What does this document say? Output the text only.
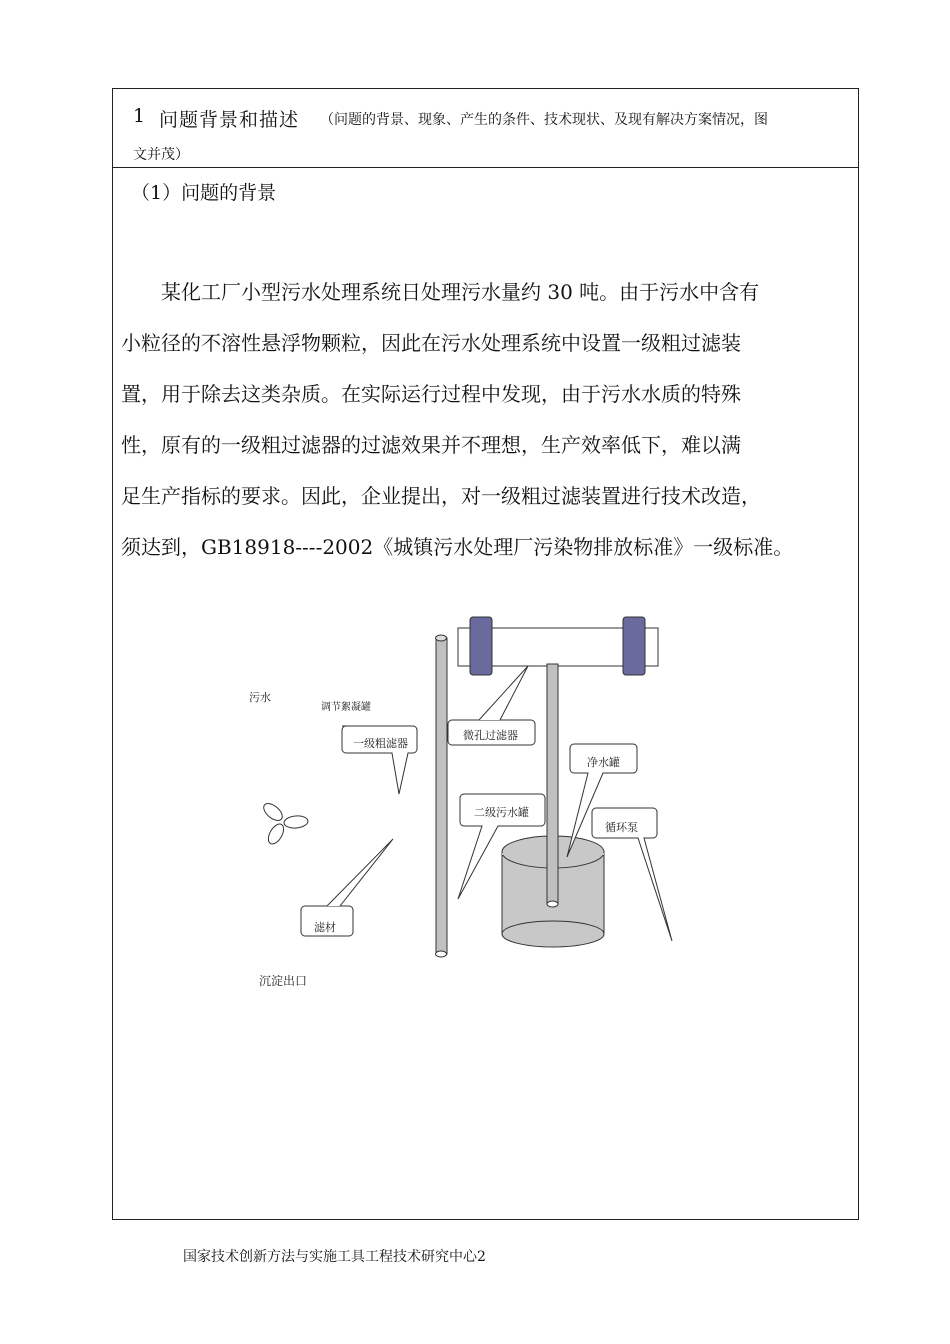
1 问题背景和描述 （问题的背景、现象、产生的条件、技术现状、及现有解决方案情况，图
文并茂）
（1）问题的背景

某化工厂小型污水处理系统日处理污水量约 30 吨。由于污水中含有

小粒径的不溶性悬浮物颗粒，因此在污水处理系统中设置一级粗过滤装

置，用于除去这类杂质。在实际运行过程中发现，由于污水水质的特殊

性，原有的一级粗过滤器的过滤效果并不理想，生产效率低下，难以满

足生产指标的要求。因此，企业提出，对一级粗过滤装置进行技术改造，

须达到，GB18918----2002《城镇污水处理厂污染物排放标准》一级标准。

污水
调节絮凝罐
一级粗滤器
微孔过滤器
净水罐
二级污水罐
循环泵
滤材
沉淀出口
国家技术创新方法与实施工具工程技术研究中心2
